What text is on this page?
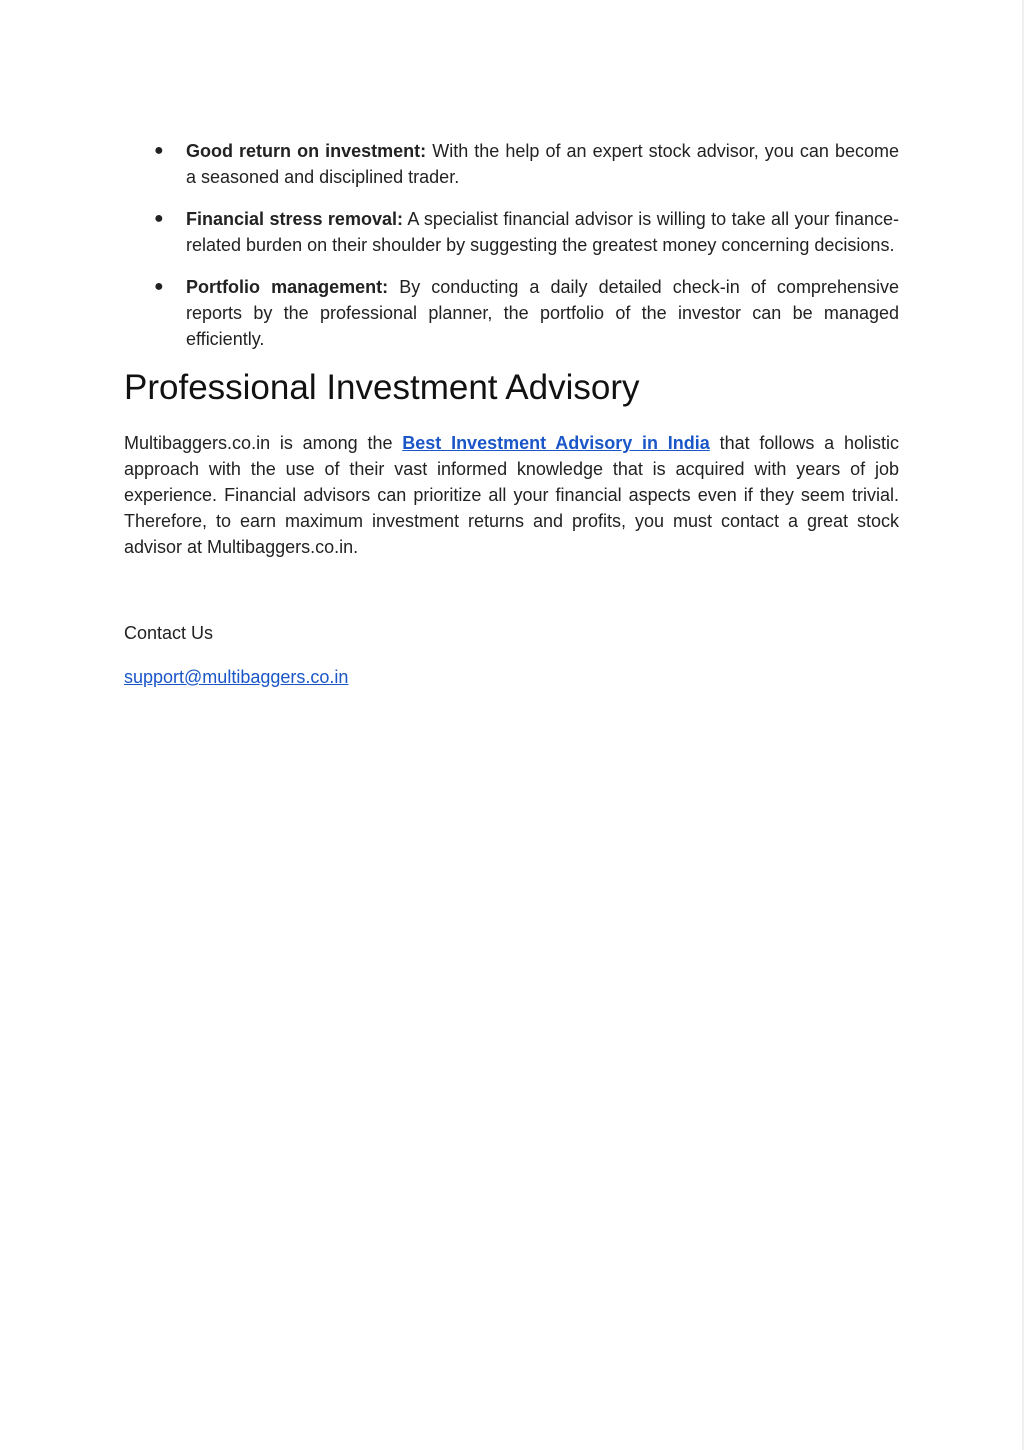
● Good return on investment: With the help of an expert stock advisor, you can become a seasoned and disciplined trader.
● Financial stress removal: A specialist financial advisor is willing to take all your finance-related burden on their shoulder by suggesting the greatest money concerning decisions.
● Portfolio management: By conducting a daily detailed check-in of comprehensive reports by the professional planner, the portfolio of the investor can be managed efficiently.
Professional Investment Advisory

Multibaggers.co.in is among the Best Investment Advisory in India that follows a holistic approach with the use of their vast informed knowledge that is acquired with years of job experience. Financial advisors can prioritize all your financial aspects even if they seem trivial. Therefore, to earn maximum investment returns and profits, you must contact a great stock advisor at Multibaggers.co.in.

Contact Us
support@multibaggers.co.in
